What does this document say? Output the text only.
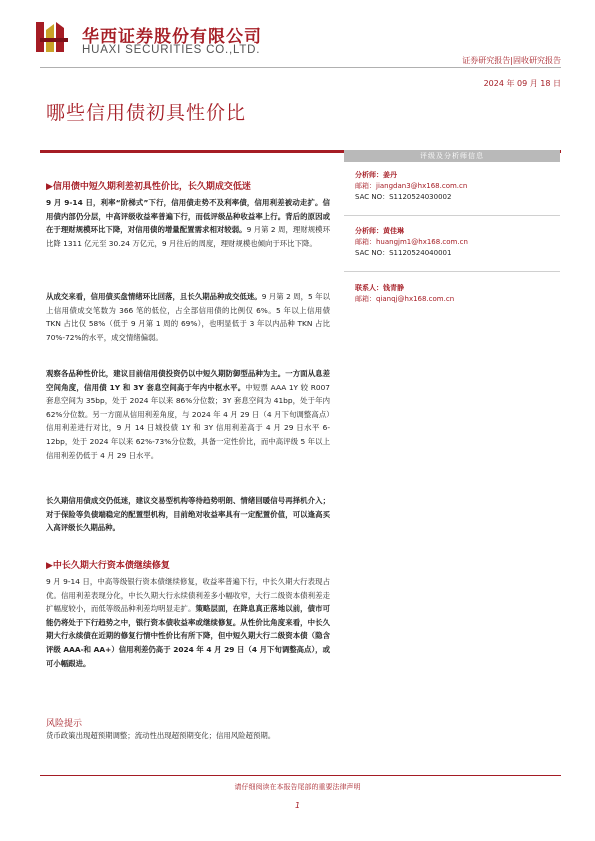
华西证券股份有限公司
HUAXI SECURITIES CO.,LTD.
证券研究报告|固收研究报告
2024 年 09 月 18 日
哪些信用债初具性价比
▶信用债中短久期利差初具性价比，长久期成交低迷
9 月 9-14 日，利率“阶梯式”下行，信用债走势不及利率债，信用利差被动走扩。信用债内部仍分层，中高评级收益率普遍下行，而低评级品种收益率上行。背后的原因或在于理财规模环比下降，对信用债的增量配置需求相对较弱。9 月第 2 周，理财规模环比降 1311 亿元至 30.24 万亿元，9 月往后的周度，理财规模也倾向于环比下降。
从成交来看，信用债买盘情绪环比回落，且长久期品种成交低迷。9 月第 2 周，5 年以上信用债成交笔数为 366 笔的低位，占全部信用债的比例仅 6%。5 年以上信用债 TKN 占比仅 58%（低于 9 月第 1 周的 69%），也明显低于 3 年以内品种 TKN 占比 70%-72%的水平，成交情绪偏弱。
观察各品种性价比，建议目前信用债投资仍以中短久期防御型品种为主。一方面从息差空间角度，信用债 1Y 和 3Y 套息空间高于年内中枢水平。中短票 AAA 1Y 较 R007 套息空间为 35bp，处于 2024 年以来 86%分位数；3Y 套息空间为 41bp，处于年内 62%分位数。另一方面从信用利差角度，与 2024 年 4 月 29 日（4 月下旬调整高点）信用利差进行对比，9 月 14 日城投债 1Y 和 3Y 信用利差高于 4 月 29 日水平 6-12bp，处于 2024 年以来 62%-73%分位数，具备一定性价比，而中高评级 5 年以上信用利差仍低于 4 月 29 日水平。
长久期信用债成交仍低迷，建议交易型机构等待趋势明朗、情绪回暖信号再择机介入；对于保险等负债端稳定的配置型机构，目前绝对收益率具有一定配置价值，可以逢高买入高评级长久期品种。
▶中长久期大行资本债继续修复
9 月 9-14 日，中高等级银行资本债继续修复，收益率普遍下行，中长久期大行表现占优。信用利差表现分化，中长久期大行永续债利差多小幅收窄，大行二级资本债利差走扩幅度较小，而低等级品种利差均明显走扩。策略层面，在降息真正落地以前，债市可能仍将处于下行趋势之中，银行资本债收益率或继续修复。从性价比角度来看，中长久期大行永续债在近期的修复行情中性价比有所下降，但中短久期大行二级资本债（隐含评级 AAA-和 AA+）信用利差仍高于 2024 年 4 月 29 日（4 月下旬调整高点），或可小幅跟进。
风险提示
货币政策出现超预期调整；流动性出现超预期变化；信用风险超预期。
评级及分析师信息
分析师：姜丹
邮箱：jiangdan3@hx168.com.cn
SAC NO：S1120524030002
分析师：黄佳琳
邮箱：huangjm1@hx168.com.cn
SAC NO：S1120524040001
联系人：钱青静
邮箱：qianqj@hx168.com.cn
请仔细阅读在本报告尾部的重要法律声明
1
